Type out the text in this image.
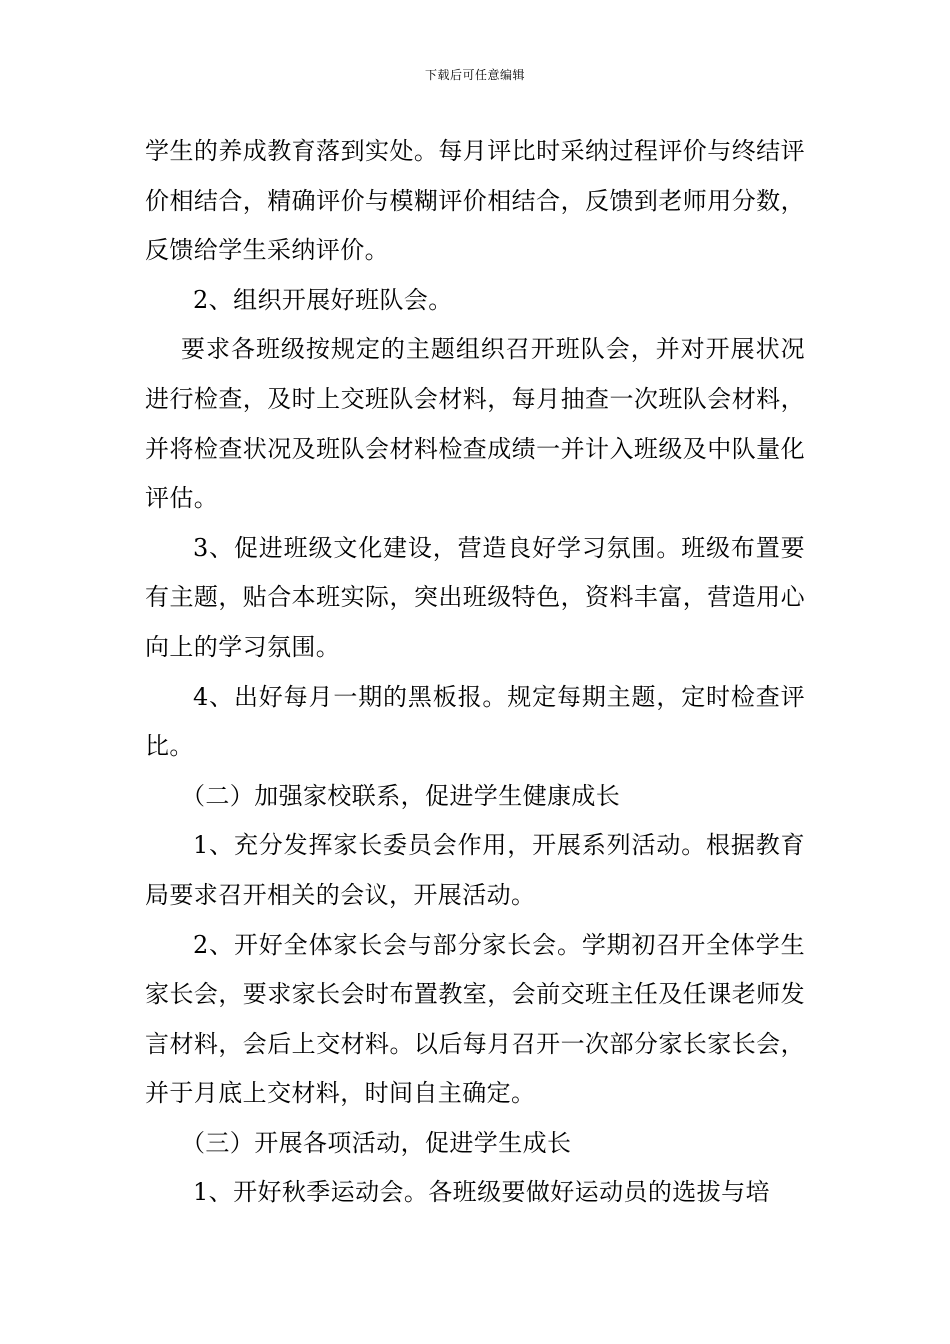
下载后可任意编辑

学生的养成教育落到实处。每月评比时采纳过程评价与终结评价相结合，精确评价与模糊评价相结合，反馈到老师用分数，反馈给学生采纳评价。

2、组织开展好班队会。

要求各班级按规定的主题组织召开班队会，并对开展状况进行检查，及时上交班队会材料，每月抽查一次班队会材料，并将检查状况及班队会材料检查成绩一并计入班级及中队量化评估。

3、促进班级文化建设，营造良好学习氛围。班级布置要有主题，贴合本班实际，突出班级特色，资料丰富，营造用心向上的学习氛围。

4、出好每月一期的黑板报。规定每期主题，定时检查评比。

（二）加强家校联系，促进学生健康成长

1、充分发挥家长委员会作用，开展系列活动。根据教育局要求召开相关的会议，开展活动。

2、开好全体家长会与部分家长会。学期初召开全体学生家长会，要求家长会时布置教室，会前交班主任及任课老师发言材料，会后上交材料。以后每月召开一次部分家长家长会，并于月底上交材料，时间自主确定。

（三）开展各项活动，促进学生成长

1、开好秋季运动会。各班级要做好运动员的选拔与培
